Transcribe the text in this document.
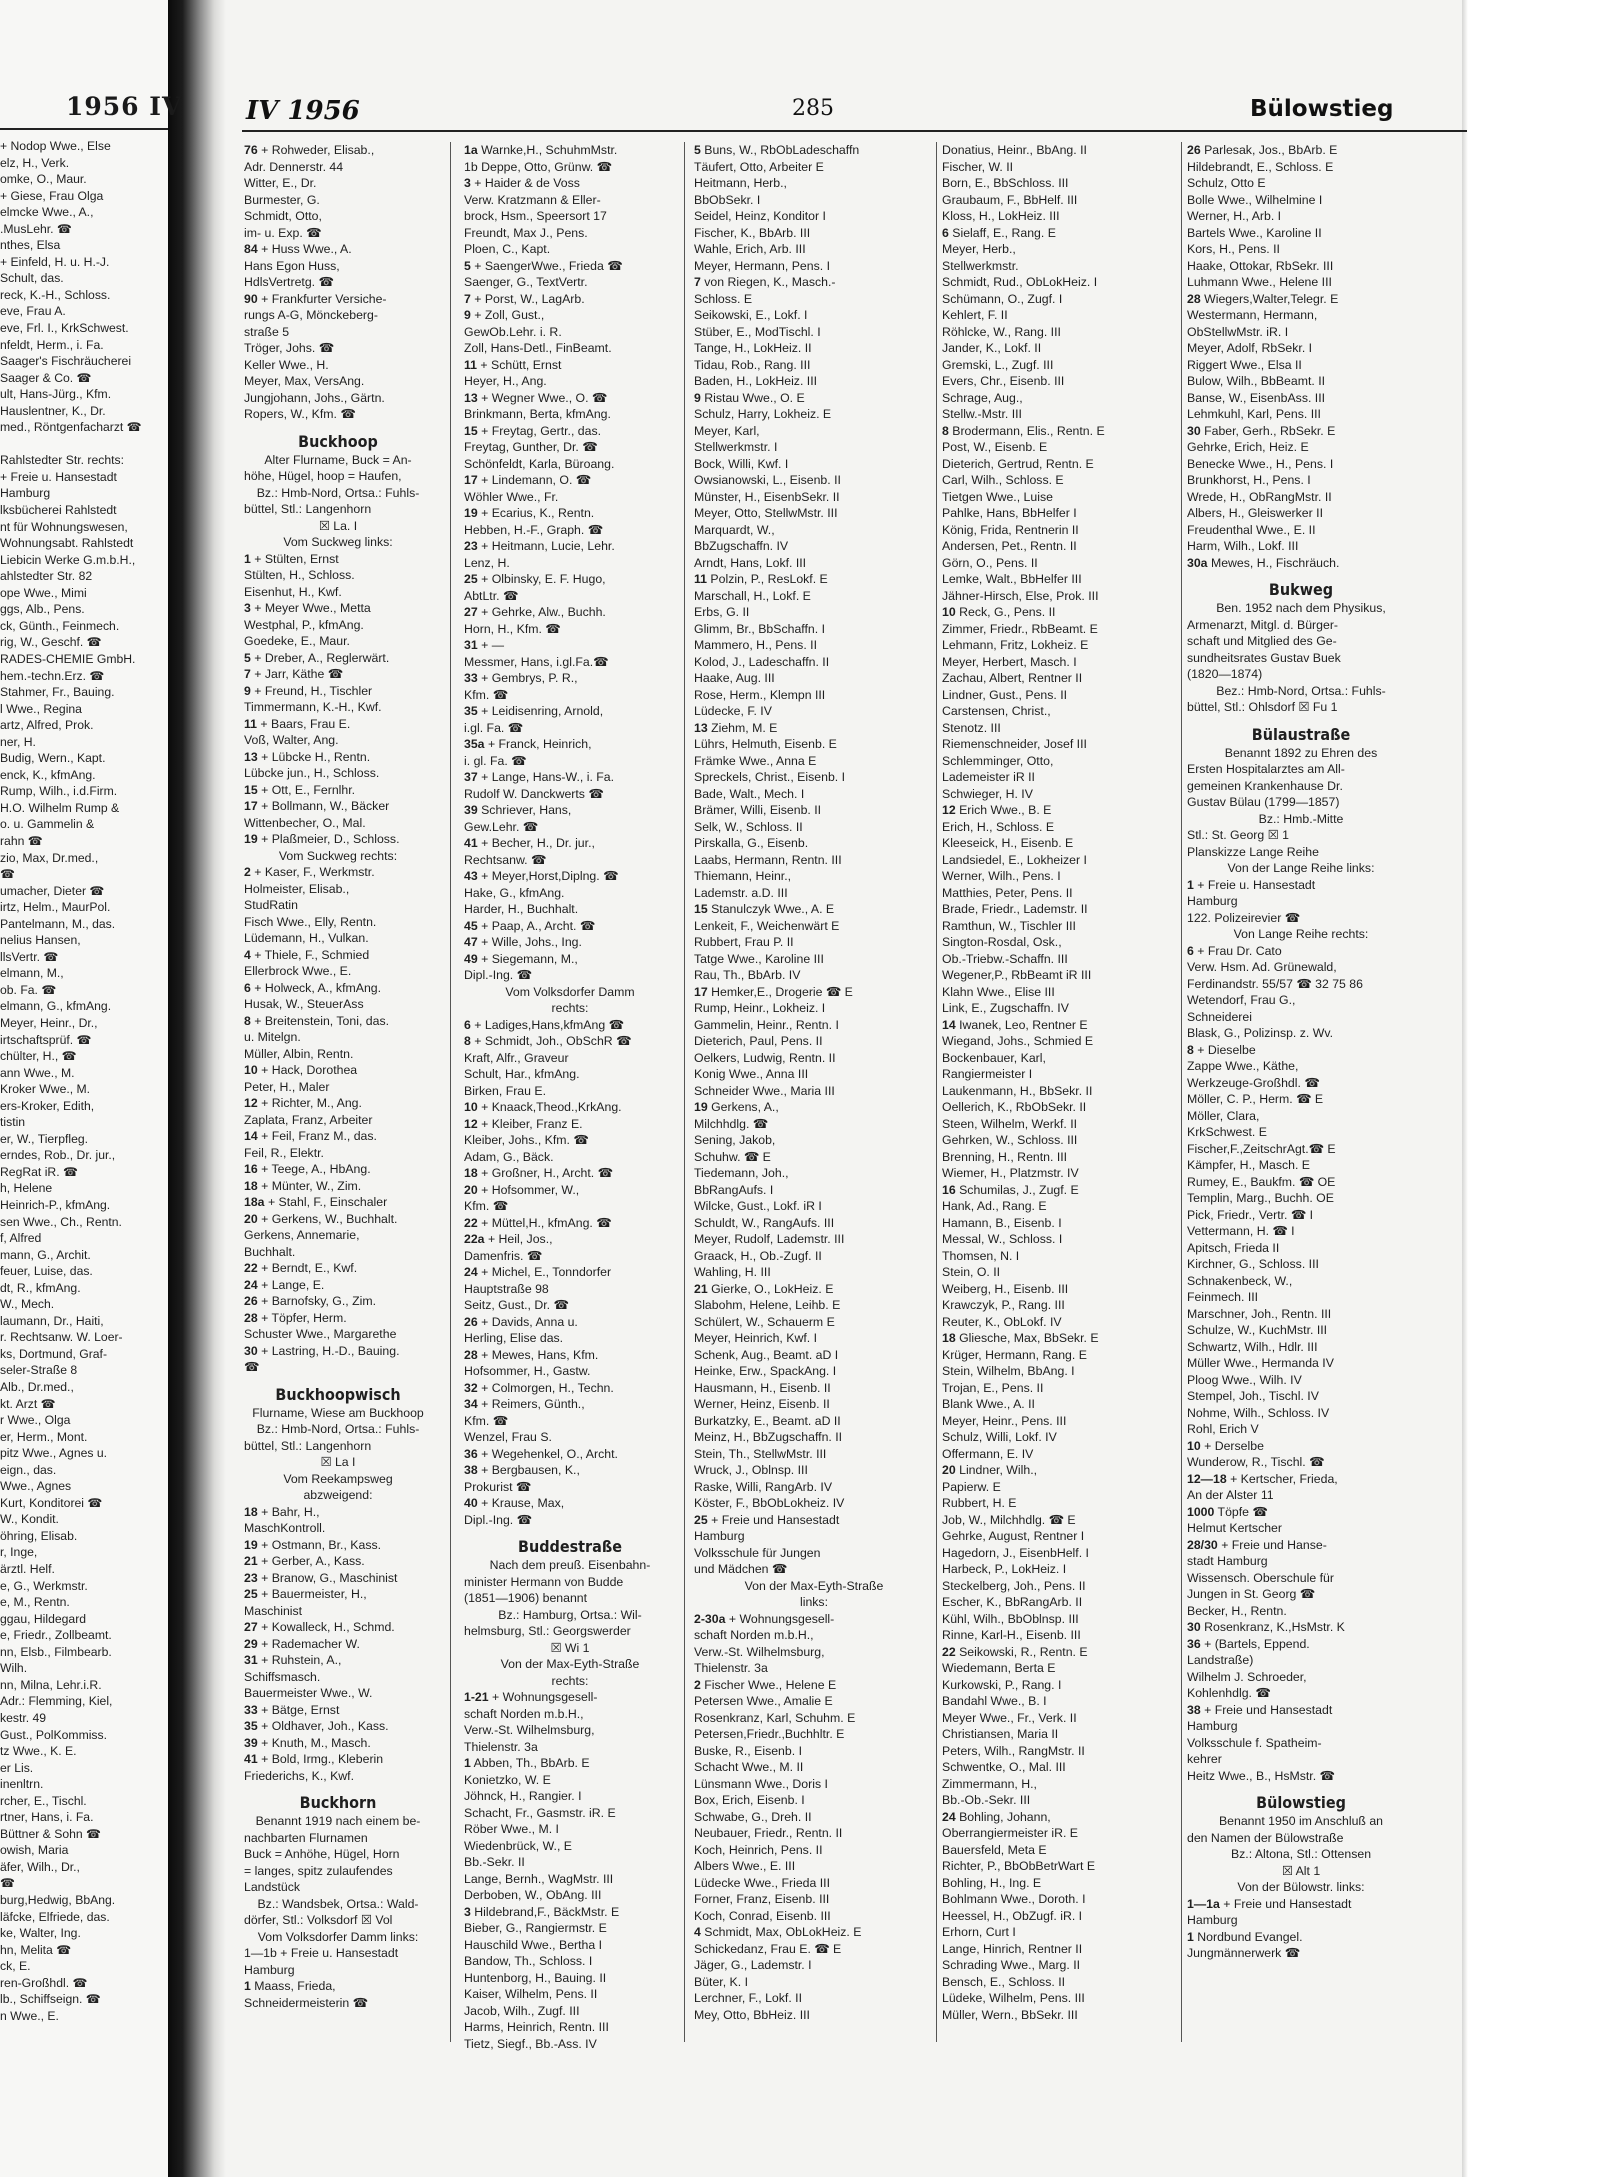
1956 IV
+ Nodop Wwe., Else
elz, H., Verk.
omke, O., Maur.
+ Giese, Frau Olga
elmcke Wwe., A.,
.MusLehr. ☎
nthes, Elsa
+ Einfeld, H. u. H.-J.
Schult, das.
reck, K.-H., Schloss.
eve, Frau A.
eve, Frl. I., KrkSchwest.
nfeldt, Herm., i. Fa.
Saager's Fischräucherei
Saager & Co. ☎
ult, Hans-Jürg., Kfm.
Hauslentner, K., Dr.
med., Röntgenfacharzt ☎

Rahlstedter Str. rechts:
+ Freie u. Hansestadt
Hamburg
lksbücherei Rahlstedt
nt für Wohnungswesen,
Wohnungsabt. Rahlstedt
Liebicin Werke G.m.b.H.,
ahlstedter Str. 82
ope Wwe., Mimi
ggs, Alb., Pens.
ck, Günth., Feinmech.
rig, W., Geschf. ☎
RADES-CHEMIE GmbH.
hem.-techn.Erz. ☎
Stahmer, Fr., Bauing.
l Wwe., Regina
artz, Alfred, Prok.
ner, H.
Budig, Wern., Kapt.
enck, K., kfmAng.
Rump, Wilh., i.d.Firm.
H.O. Wilhelm Rump &
o. u. Gammelin &
rahn ☎
zio, Max, Dr.med.,
☎
umacher, Dieter ☎
irtz, Helm., MaurPol.
Pantelmann, M., das.
nelius Hansen,
llsVertr. ☎
elmann, M.,
ob. Fa. ☎
elmann, G., kfmAng.
Meyer, Heinr., Dr.,
irtschaftsprüf. ☎
chülter, H., ☎
ann Wwe., M.
Kroker Wwe., M.
ers-Kroker, Edith,
tistin
er, W., Tierpfleg.
erndes, Rob., Dr. jur.,
RegRat iR. ☎
h, Helene
Heinrich-P., kfmAng.
sen Wwe., Ch., Rentn.
f, Alfred
mann, G., Archit.
feuer, Luise, das.
dt, R., kfmAng.
W., Mech.
laumann, Dr., Haiti,
r. Rechtsanw. W. Loer-
ks, Dortmund, Graf-
seler-Straße 8
Alb., Dr.med.,
kt. Arzt ☎
r Wwe., Olga
er, Herm., Mont.
pitz Wwe., Agnes u.
eign., das.
Wwe., Agnes
Kurt, Konditorei ☎
W., Kondit.
öhring, Elisab.
r, Inge,
ärztl. Helf.
e, G., Werkmstr.
e, M., Rentn.
ggau, Hildegard
e, Friedr., Zollbeamt.
nn, Elsb., Filmbearb.
Wilh.
nn, Milna, Lehr.i.R.
Adr.: Flemming, Kiel,
kestr. 49
Gust., PolKommiss.
tz Wwe., K. E.
er Lis.
inenltrn.
rcher, E., Tischl.
rtner, Hans, i. Fa.
Büttner & Sohn ☎
owish, Maria
äfer, Wilh., Dr.,
☎
burg,Hedwig, BbAng.
läfcke, Elfriede, das.
ke, Walter, Ing.
hn, Melita ☎
ck, E.
ren-Großhdl. ☎
lb., Schiffseign. ☎
n Wwe., E.
IV 1956	285	Bülowstieg
76 + Rohweder, Elisab.,
Adr. Dennerstr. 44
Witter, E., Dr.
Burmester, G.
Schmidt, Otto,
im- u. Exp. ☎
84 + Huss Wwe., A.
Hans Egon Huss,
HdlsVertretg. ☎
90 + Frankfurter Versiche-
rungs A-G, Mönckeberg-
straße 5
Tröger, Johs. ☎
Keller Wwe., H.
Meyer, Max, VersAng.
Jungjohann, Johs., Gärtn.
Ropers, W., Kfm. ☎
Buckhoop
Alter Flurname, Buck = An-
höhe, Hügel, hoop = Haufen,
Bz.: Hmb-Nord, Ortsa.: Fuhls-
büttel, Stl.: Langenhorn
☒ La. I
Vom Suckweg links:
1 + Stülten, Ernst
Stülten, H., Schloss.
Eisenhut, H., Kwf.
3 + Meyer Wwe., Metta
Westphal, P., kfmAng.
Goedeke, E., Maur.
5 + Dreber, A., Reglerwärt.
7 + Jarr, Käthe ☎
9 + Freund, H., Tischler
Timmermann, K.-H., Kwf.
11 + Baars, Frau E.
Voß, Walter, Ang.
13 + Lübcke H., Rentn.
Lübcke jun., H., Schloss.
15 + Ott, E., Fernlhr.
17 + Bollmann, W., Bäcker
Wittenbecher, O., Mal.
19 + Plaßmeier, D., Schloss.
Vom Suckweg rechts:
2 + Kaser, F., Werkmstr.
Holmeister, Elisab.,
StudRatin
Fisch Wwe., Elly, Rentn.
Lüdemann, H., Vulkan.
4 + Thiele, F., Schmied
Ellerbrock Wwe., E.
6 + Holweck, A., kfmAng.
Husak, W., SteuerAss
8 + Breitenstein, Toni, das.
u. Mitelgn.
Müller, Albin, Rentn.
10 + Hack, Dorothea
Peter, H., Maler
12 + Richter, M., Ang.
Zaplata, Franz, Arbeiter
14 + Feil, Franz M., das.
Feil, R., Elektr.
16 + Teege, A., HbAng.
18 + Münter, W., Zim.
18a + Stahl, F., Einschaler
20 + Gerkens, W., Buchhalt.
Gerkens, Annemarie,
Buchhalt.
22 + Berndt, E., Kwf.
24 + Lange, E.
26 + Barnofsky, G., Zim.
28 + Töpfer, Herm.
Schuster Wwe., Margarethe
30 + Lastring, H.-D., Bauing.
☎
Buckhoopwisch
Flurname, Wiese am Buckhoop
Bz.: Hmb-Nord, Ortsa.: Fuhls-
büttel, Stl.: Langenhorn
☒ La I
Vom Reekampsweg
abzweigend:
18 + Bahr, H.,
MaschKontroll.
19 + Ostmann, Br., Kass.
21 + Gerber, A., Kass.
23 + Branow, G., Maschinist
25 + Bauermeister, H.,
Maschinist
27 + Kowalleck, H., Schmd.
29 + Rademacher W.
31 + Ruhstein, A.,
Schiffsmasch.
Bauermeister Wwe., W.
33 + Bätge, Ernst
35 + Oldhaver, Joh., Kass.
39 + Knuth, M., Masch.
41 + Bold, Irmg., Kleberin
Friederichs, K., Kwf.
Buckhorn
Benannt 1919 nach einem be-
nachbarten Flurnamen
Buck = Anhöhe, Hügel, Horn
= langes, spitz zulaufendes
Landstück
Bz.: Wandsbek, Ortsa.: Wald-
dörfer, Stl.: Volksdorf ☒ Vol
Vom Volksdorfer Damm links:
1—1b + Freie u. Hansestadt
Hamburg
1 Maass, Frieda,
Schneidermeisterin ☎
1a Warnke,H., SchuhmMstr.
1b Deppe, Otto, Grünw. ☎
3 + Haider & de Voss
Verw. Kratzmann & Eller-
brock, Hsm., Speersort 17
Freundt, Max J., Pens.
Ploen, C., Kapt.
5 + SaengerWwe., Frieda ☎
Saenger, G., TextVertr.
7 + Porst, W., LagArb.
9 + Zoll, Gust.,
GewOb.Lehr. i. R.
Zoll, Hans-Detl., FinBeamt.
11 + Schütt, Ernst
Heyer, H., Ang.
13 + Wegner Wwe., O. ☎
Brinkmann, Berta, kfmAng.
15 + Freytag, Gertr., das.
Freytag, Gunther, Dr. ☎
Schönfeldt, Karla, Büroang.
17 + Lindemann, O. ☎
Wöhler Wwe., Fr.
19 + Ecarius, K., Rentn.
Hebben, H.-F., Graph. ☎
23 + Heitmann, Lucie, Lehr.
Lenz, H.
25 + Olbinsky, E. F. Hugo,
AbtLtr. ☎
27 + Gehrke, Alw., Buchh.
Horn, H., Kfm. ☎
31 + —
Messmer, Hans, i.gl.Fa.☎
33 + Gembrys, P. R.,
Kfm. ☎
35 + Leidisenring, Arnold,
i.gl. Fa. ☎
35a + Franck, Heinrich,
i. gl. Fa. ☎
37 + Lange, Hans-W., i. Fa.
Rudolf W. Danckwerts ☎
39 Schriever, Hans,
Gew.Lehr. ☎
41 + Becher, H., Dr. jur.,
Rechtsanw. ☎
43 + Meyer,Horst,Diplng. ☎
Hake, G., kfmAng.
Harder, H., Buchhalt.
45 + Paap, A., Archt. ☎
47 + Wille, Johs., Ing.
49 + Siegemann, M.,
Dipl.-Ing. ☎
Vom Volksdorfer Damm
rechts:
6 + Ladiges,Hans,kfmAng ☎
8 + Schmidt, Joh., ObSchR ☎
Kraft, Alfr., Graveur
Schult, Har., kfmAng.
Birken, Frau E.
10 + Knaack,Theod.,KrkAng.
12 + Kleiber, Franz E.
Kleiber, Johs., Kfm. ☎
Adam, G., Bäck.
18 + Großner, H., Archt. ☎
20 + Hofsommer, W.,
Kfm. ☎
22 + Müttel,H., kfmAng. ☎
22a + Heil, Jos.,
Damenfris. ☎
24 + Michel, E., Tonndorfer
Hauptstraße 98
Seitz, Gust., Dr. ☎
26 + Davids, Anna u.
Herling, Elise das.
28 + Mewes, Hans, Kfm.
Hofsommer, H., Gastw.
32 + Colmorgen, H., Techn.
34 + Reimers, Günth.,
Kfm. ☎
Wenzel, Frau S.
36 + Wegehenkel, O., Archt.
38 + Bergbausen, K.,
Prokurist ☎
40 + Krause, Max,
Dipl.-Ing. ☎
Buddestraße
Nach dem preuß. Eisenbahn-
minister Hermann von Budde
(1851—1906) benannt
Bz.: Hamburg, Ortsa.: Wil-
helmsburg, Stl.: Georgswerder
☒ Wi 1
Von der Max-Eyth-Straße
rechts:
1-21 + Wohnungsgesell-
schaft Norden m.b.H.,
Verw.-St. Wilhelmsburg,
Thielenstr. 3a
1 Abben, Th., BbArb. E
Konietzko, W. E
Jöhnck, H., Rangier. I
Schacht, Fr., Gasmstr. iR. E
Röber Wwe., M. I
Wiedenbrück, W., E
Bb.-Sekr. II
Lange, Bernh., WagMstr. III
Derboben, W., ObAng. III
3 Hildebrand,F., BäckMstr. E
Bieber, G., Rangiermstr. E
Hauschild Wwe., Bertha I
Bandow, Th., Schloss. I
Huntenborg, H., Bauing. II
Kaiser, Wilhelm, Pens. II
Jacob, Wilh., Zugf. III
Harms, Heinrich, Rentn. III
Tietz, Siegf., Bb.-Ass. IV
5 Buns, W., RbObLadeschaffn
Täufert, Otto, Arbeiter E
Heitmann, Herb.,
BbObSekr. I
Seidel, Heinz, Konditor I
Fischer, K., BbArb. III
Wahle, Erich, Arb. III
Meyer, Hermann, Pens. I
7 von Riegen, K., Masch.-
Schloss. E
Seikowski, E., Lokf. I
Stüber, E., ModTischl. I
Tange, H., LokHeiz. II
Tidau, Rob., Rang. III
Baden, H., LokHeiz. III
9 Ristau Wwe., O. E
Schulz, Harry, Lokheiz. E
Meyer, Karl,
Stellwerkmstr. I
Bock, Willi, Kwf. I
Owsianowski, L., Eisenb. II
Münster, H., EisenbSekr. II
Meyer, Otto, StellwMstr. III
Marquardt, W.,
BbZugschaffn. IV
Arndt, Hans, Lokf. III
11 Polzin, P., ResLokf. E
Marschall, H., Lokf. E
Erbs, G. II
Glimm, Br., BbSchaffn. I
Mammero, H., Pens. II
Kolod, J., Ladeschaffn. II
Haake, Aug. III
Rose, Herm., Klempn III
Lüdecke, F. IV
13 Ziehm, M. E
Lührs, Helmuth, Eisenb. E
Främke Wwe., Anna E
Spreckels, Christ., Eisenb. I
Bade, Walt., Mech. I
Brämer, Willi, Eisenb. II
Selk, W., Schloss. II
Pirskalla, G., Eisenb.
Laabs, Hermann, Rentn. III
Thiemann, Heinr.,
Lademstr. a.D. III
15 Stanulczyk Wwe., A. E
Lenkeit, F., Weichenwärt E
Rubbert, Frau P. II
Tatge Wwe., Karoline III
Rau, Th., BbArb. IV
17 Hemker,E., Drogerie ☎ E
Rump, Heinr., Lokheiz. I
Gammelin, Heinr., Rentn. I
Dieterich, Paul, Pens. II
Oelkers, Ludwig, Rentn. II
Konig Wwe., Anna III
Schneider Wwe., Maria III
19 Gerkens, A.,
Milchhdlg. ☎
Sening, Jakob,
Schuhw. ☎ E
Tiedemann, Joh.,
BbRangAufs. I
Wilcke, Gust., Lokf. iR I
Schuldt, W., RangAufs. III
Meyer, Rudolf, Lademstr. III
Graack, H., Ob.-Zugf. II
Wahling, H. III
21 Gierke, O., LokHeiz. E
Slabohm, Helene, Leihb. E
Schülert, W., Schauerm E
Meyer, Heinrich, Kwf. I
Schenk, Aug., Beamt. aD I
Heinke, Erw., SpackAng. I
Hausmann, H., Eisenb. II
Werner, Heinz, Eisenb. II
Burkatzky, E., Beamt. aD II
Meinz, H., BbZugschaffn. II
Stein, Th., StellwMstr. III
Wruck, J., Oblnsp. III
Raske, Willi, RangArb. IV
Köster, F., BbObLokheiz. IV
25 + Freie und Hansestadt
Hamburg
Volksschule für Jungen
und Mädchen ☎
Von der Max-Eyth-Straße
links:
2-30a + Wohnungsgesell-
schaft Norden m.b.H.,
Verw.-St. Wilhelmsburg,
Thielenstr. 3a
2 Fischer Wwe., Helene E
Petersen Wwe., Amalie E
Rosenkranz, Karl, Schuhm. E
Petersen,Friedr.,Buchhltr. E
Buske, R., Eisenb. I
Schacht Wwe., M. II
Lünsmann Wwe., Doris I
Box, Erich, Eisenb. I
Schwabe, G., Dreh. II
Neubauer, Friedr., Rentn. II
Koch, Heinrich, Pens. II
Albers Wwe., E. III
Lüdecke Wwe., Frieda III
Forner, Franz, Eisenb. III
Koch, Conrad, Eisenb. III
4 Schmidt, Max, ObLokHeiz. E
Schickedanz, Frau E. ☎ E
Jäger, G., Lademstr. I
Büter, K. I
Lerchner, F., Lokf. II
Mey, Otto, BbHeiz. III
Donatius, Heinr., BbAng. II
Fischer, W. II
Born, E., BbSchloss. III
Graubaum, F., BbHelf. III
Kloss, H., LokHeiz. III
6 Sielaff, E., Rang. E
Meyer, Herb.,
Stellwerkmstr.
Schmidt, Rud., ObLokHeiz. I
Schümann, O., Zugf. I
Kehlert, F. II
Röhlcke, W., Rang. III
Jander, K., Lokf. II
Gremski, L., Zugf. III
Evers, Chr., Eisenb. III
Schrage, Aug.,
Stellw.-Mstr. III
8 Brodermann, Elis., Rentn. E
Post, W., Eisenb. E
Dieterich, Gertrud, Rentn. E
Carl, Wilh., Schloss. E
Tietgen Wwe., Luise
Pahlke, Hans, BbHelfer I
König, Frida, Rentnerin II
Andersen, Pet., Rentn. II
Görn, O., Pens. II
Lemke, Walt., BbHelfer III
Jähner-Hirsch, Else, Prok. III
10 Reck, G., Pens. II
Zimmer, Friedr., RbBeamt. E
Lehmann, Fritz, Lokheiz. E
Meyer, Herbert, Masch. I
Zachau, Albert, Rentner II
Lindner, Gust., Pens. II
Carstensen, Christ.,
Stenotz. III
Riemenschneider, Josef III
Schlemminger, Otto,
Lademeister iR II
Schwieger, H. IV
12 Erich Wwe., B. E
Erich, H., Schloss. E
Kleeseick, H., Eisenb. E
Landsiedel, E., Lokheizer I
Werner, Wilh., Pens. I
Matthies, Peter, Pens. II
Brade, Friedr., Lademstr. II
Ramthun, W., Tischler III
Sington-Rosdal, Osk.,
Ob.-Triebw.-Schaffn. III
Wegener,P., RbBeamt iR III
Klahn Wwe., Elise III
Link, E., Zugschaffn. IV
14 Iwanek, Leo, Rentner E
Wiegand, Johs., Schmied E
Bockenbauer, Karl,
Rangiermeister I
Laukenmann, H., BbSekr. II
Oellerich, K., RbObSekr. II
Steen, Wilhelm, Werkf. II
Gehrken, W., Schloss. III
Brenning, H., Rentn. III
Wiemer, H., Platzmstr. IV
16 Schumilas, J., Zugf. E
Hank, Ad., Rang. E
Hamann, B., Eisenb. I
Messal, W., Schloss. I
Thomsen, N. I
Stein, O. II
Weiberg, H., Eisenb. III
Krawczyk, P., Rang. III
Reuter, K., ObLokf. IV
18 Gliesche, Max, BbSekr. E
Krüger, Hermann, Rang. E
Stein, Wilhelm, BbAng. I
Trojan, E., Pens. II
Blank Wwe., A. II
Meyer, Heinr., Pens. III
Schulz, Willi, Lokf. IV
Offermann, E. IV
20 Lindner, Wilh.,
Papierw. E
Rubbert, H. E
Job, W., Milchhdlg. ☎ E
Gehrke, August, Rentner I
Hagedorn, J., EisenbHelf. I
Harbeck, P., LokHeiz. I
Steckelberg, Joh., Pens. II
Escher, K., BbRangArb. II
Kühl, Wilh., BbOblnsp. III
Rinne, Karl-H., Eisenb. III
22 Seikowski, R., Rentn. E
Wiedemann, Berta E
Kurkowski, P., Rang. I
Bandahl Wwe., B. I
Meyer Wwe., Fr., Verk. II
Christiansen, Maria II
Peters, Wilh., RangMstr. II
Schwentke, O., Mal. III
Zimmermann, H.,
Bb.-Ob.-Sekr. III
24 Bohling, Johann,
Oberrangiermeister iR. E
Bauersfeld, Meta E
Richter, P., BbObBetrWart E
Bohling, H., Ing. E
Bohlmann Wwe., Doroth. I
Heessel, H., ObZugf. iR. I
Erhorn, Curt I
Lange, Hinrich, Rentner II
Schrading Wwe., Marg. II
Bensch, E., Schloss. II
Lüdeke, Wilhelm, Pens. III
Müller, Wern., BbSekr. III
26 Parlesak, Jos., BbArb. E
Hildebrandt, E., Schloss. E
Schulz, Otto E
Bolle Wwe., Wilhelmine I
Werner, H., Arb. I
Bartels Wwe., Karoline II
Kors, H., Pens. II
Haake, Ottokar, RbSekr. III
Luhmann Wwe., Helene III
28 Wiegers,Walter,Telegr. E
Westermann, Hermann,
ObStellwMstr. iR. I
Meyer, Adolf, RbSekr. I
Riggert Wwe., Elsa II
Bulow, Wilh., BbBeamt. II
Banse, W., EisenbAss. III
Lehmkuhl, Karl, Pens. III
30 Faber, Gerh., RbSekr. E
Gehrke, Erich, Heiz. E
Benecke Wwe., H., Pens. I
Brunkhorst, H., Pens. I
Wrede, H., ObRangMstr. II
Albers, H., Gleiswerker II
Freudenthal Wwe., E. II
Harm, Wilh., Lokf. III
30a Mewes, H., Fischräuch.
Bukweg
Ben. 1952 nach dem Physikus,
Armenarzt, Mitgl. d. Bürger-
schaft und Mitglied des Ge-
sundheitsrates Gustav Buek
(1820—1874)
Bez.: Hmb-Nord, Ortsa.: Fuhls-
büttel, Stl.: Ohlsdorf ☒ Fu 1
Bülaustraße
Benannt 1892 zu Ehren des
Ersten Hospitalarztes am All-
gemeinen Krankenhause Dr.
Gustav Bülau (1799—1857)
Bz.: Hmb.-Mitte
Stl.: St. Georg ☒ 1
Planskizze Lange Reihe
Von der Lange Reihe links:
1 + Freie u. Hansestadt
Hamburg
122. Polizeirevier ☎
Von Lange Reihe rechts:
6 + Frau Dr. Cato
Verw. Hsm. Ad. Grünewald,
Ferdinandstr. 55/57 ☎ 32 75 86
Wetendorf, Frau G.,
Schneiderei
Blask, G., Polizinsp. z. Wv.
8 + Dieselbe
Zappe Wwe., Käthe,
Werkzeuge-Großhdl. ☎
Möller, C. P., Herm. ☎ E
Möller, Clara,
KrkSchwest. E
Fischer,F.,ZeitschrAgt.☎ E
Kämpfer, H., Masch. E
Rumey, E., Baukfm. ☎ OE
Templin, Marg., Buchh. OE
Pick, Friedr., Vertr. ☎ I
Vettermann, H. ☎ I
Apitsch, Frieda II
Kirchner, G., Schloss. III
Schnakenbeck, W.,
Feinmech. III
Marschner, Joh., Rentn. III
Schulze, W., KuchMstr. III
Schwartz, Wilh., Hdlr. III
Müller Wwe., Hermanda IV
Ploog Wwe., Wilh. IV
Stempel, Joh., Tischl. IV
Nohme, Wilh., Schloss. IV
Rohl, Erich V
10 + Derselbe
Wunderow, R., Tischl. ☎
12—18 + Kertscher, Frieda,
An der Alster 11
1000 Töpfe ☎
Helmut Kertscher
28/30 + Freie und Hanse-
stadt Hamburg
Wissensch. Oberschule für
Jungen in St. Georg ☎
Becker, H., Rentn.
30 Rosenkranz, K.,HsMstr. K
36 + (Bartels, Eppend.
Landstraße)
Wilhelm J. Schroeder,
Kohlenhdlg. ☎
38 + Freie und Hansestadt
Hamburg
Volksschule f. Spatheim-
kehrer
Heitz Wwe., B., HsMstr. ☎
Bülowstieg
Benannt 1950 im Anschluß an
den Namen der Bülowstraße
Bz.: Altona, Stl.: Ottensen
☒ Alt 1
Von der Bülowstr. links:
1—1a + Freie und Hansestadt
Hamburg
1 Nordbund Evangel.
Jungmännerwerk ☎
